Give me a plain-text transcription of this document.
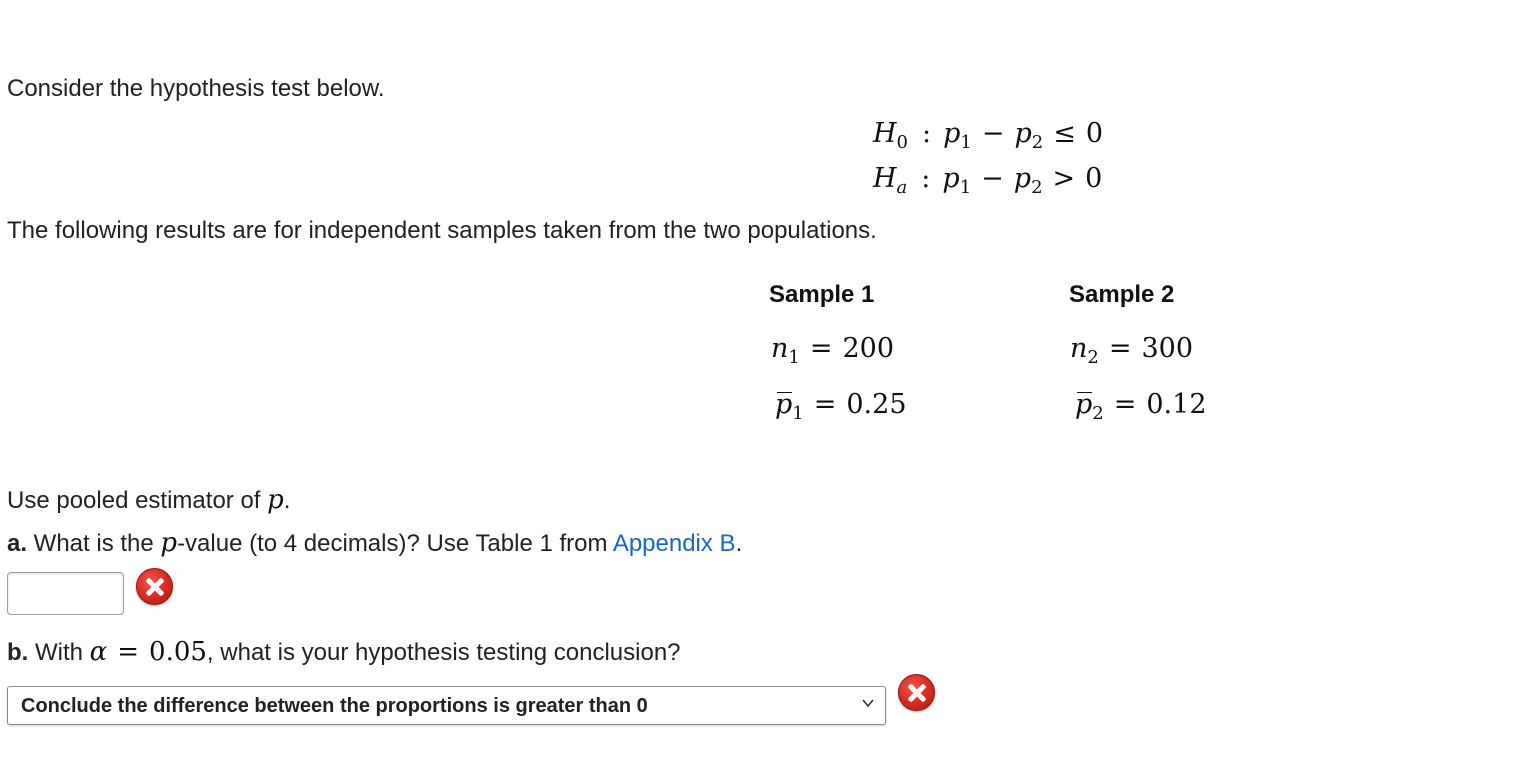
Consider the hypothesis test below.
$H_0$ : $p_1 - p_2 \le 0$
$H_a$ : $p_1 - p_2 > 0$
The following results are for independent samples taken from the two populations.
Sample 1
$n_1 = 200$
$p_1 = 0.25$
Sample 2
$n_2 = 300$
$p_2 = 0.12$
Use pooled estimator of p.
a. What is the p-value (to 4 decimals)? Use Table 1 from Appendix B.
b. With α = 0.05, what is your hypothesis testing conclusion?
Conclude the difference between the proportions is greater than 0
